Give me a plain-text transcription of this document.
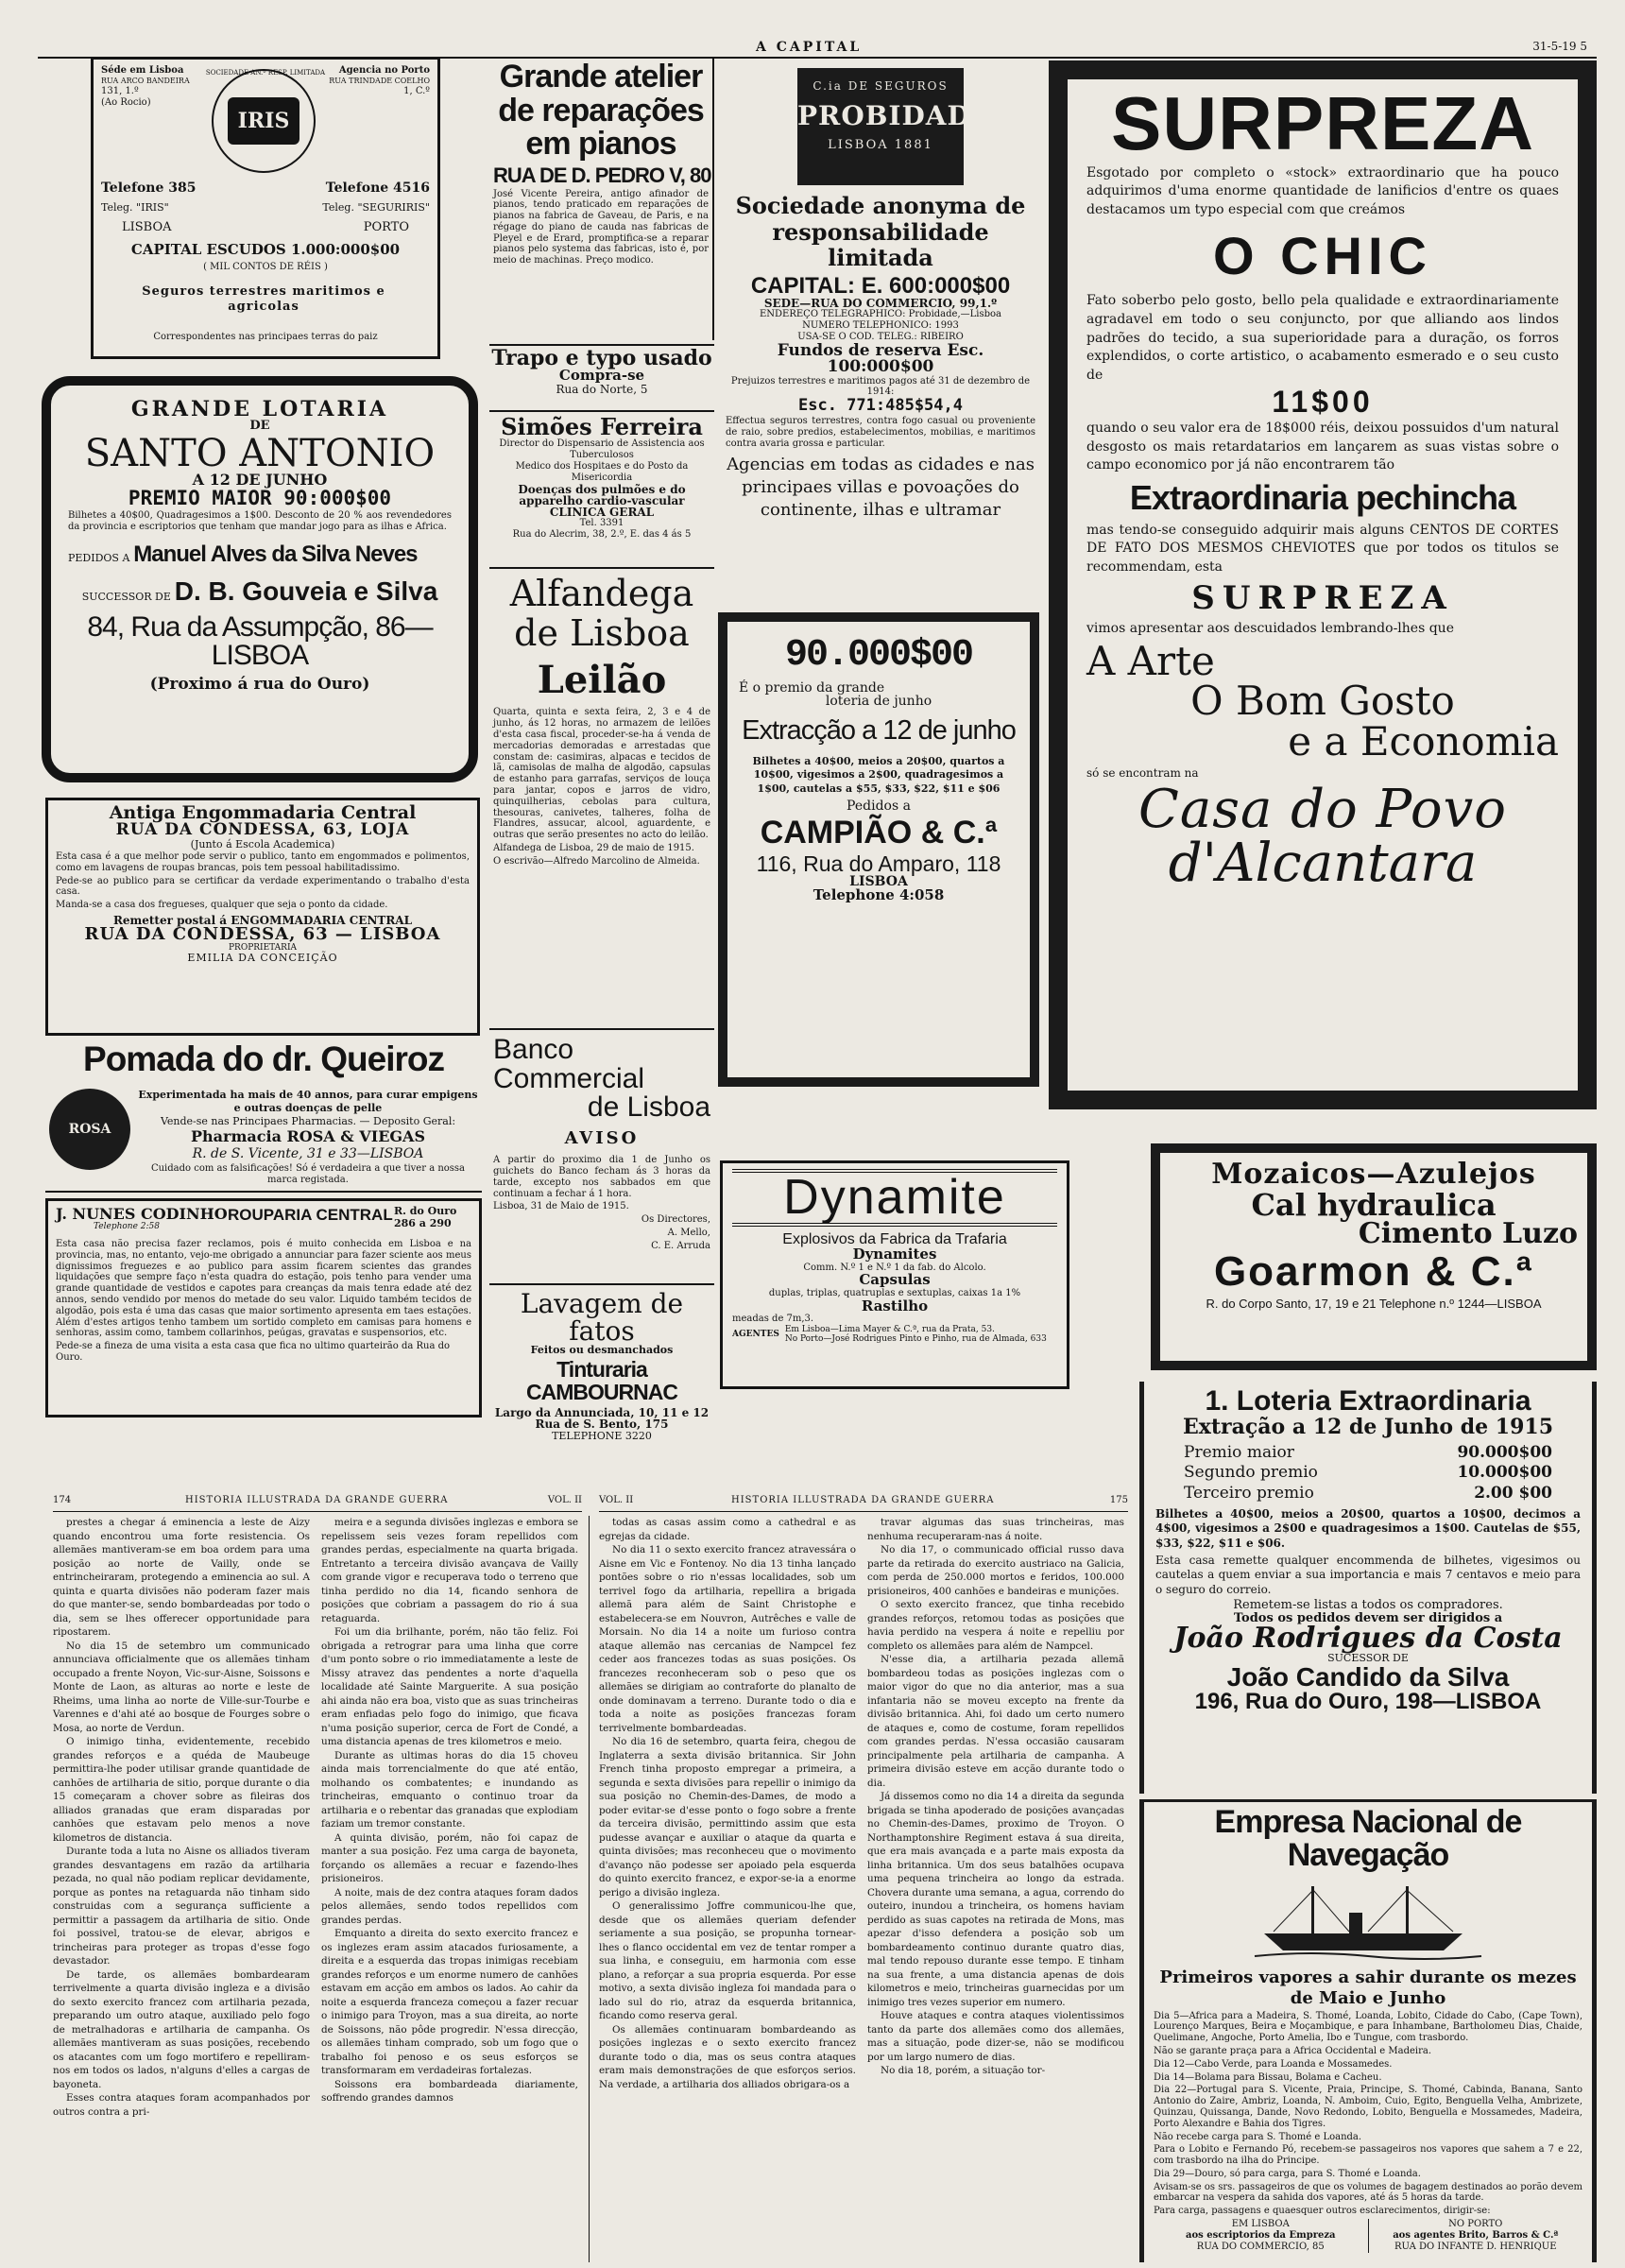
A CAPITAL	31-5-19 5
Séde em Lisboa
RUA ARCO BANDEIRA
131, 1.º
(Ao Rocio)
Agencia no Porto
RUA TRINDADE COELHO
1, C.º
IRIS
SOCIEDADE AN.ª RESP. LIMITADA
Telefone 385	Telefone 4516
Teleg. "IRIS"	Teleg. "SEGURIRIS"
LISBOA	PORTO
CAPITAL ESCUDOS 1.000:000$00
( MIL CONTOS DE RÉIS )
Seguros terrestres maritimos e agricolas
Correspondentes nas principaes terras do paiz
GRANDE LOTARIA
DE
SANTO ANTONIO
A 12 DE JUNHO
PREMIO MAIOR 90:000$00
Bilhetes a 40$00, Quadragesimos a 1$00. Desconto de 20 % aos revendedores da provincia e escriptorios que tenham que mandar jogo para as ilhas e Africa.
PEDIDOS A Manuel Alves da Silva Neves
SUCCESSOR DE D. B. Gouveia e Silva
84, Rua da Assumpção, 86—LISBOA
(Proximo á rua do Ouro)
Antiga Engommadaria Central
RUA DA CONDESSA, 63, LOJA
(Junto á Escola Academica)
Esta casa é a que melhor pode servir o publico, tanto em engommados e polimentos, como em lavagens de roupas brancas, pois tem pessoal habilitadissimo.
Pede-se ao publico para se certificar da verdade experimentando o trabalho d'esta casa.
Manda-se a casa dos fregueses, qualquer que seja o ponto da cidade.
Remetter postal á ENGOMMADARIA CENTRAL
RUA DA CONDESSA, 63 — LISBOA
PROPRIETARIA
EMILIA DA CONCEIÇÃO
Pomada do dr. Queiroz
ROSA
Experimentada ha mais de 40 annos, para curar empigens e outras doenças de pelle
Vende-se nas Principaes Pharmacias. — Deposito Geral:
Pharmacia ROSA & VIEGAS
R. de S. Vicente, 31 e 33—LISBOA
Cuidado com as falsificações! Só é verdadeira a que tiver a nossa marca registada.
J. NUNES CODINHO
Telephone 2:58
ROUPARIA CENTRAL R. do Ouro 286 a 290
Esta casa não precisa fazer reclamos, pois é muito conhecida em Lisboa e na provincia, mas, no entanto, vejo-me obrigado a annunciar para fazer sciente aos meus dignissimos freguezes e ao publico para assim ficarem scientes das grandes liquidações que sempre faço n'esta quadra do estação, pois tenho para vender uma grande quantidade de vestidos e capotes para creanças da mais tenra edade até dez annos, sendo vendido por menos do metade do seu valor. Liquido também tecidos de algodão, pois esta é uma das casas que maior sortimento apresenta em taes estações. Além d'estes artigos tenho tambem um sortido completo em camisas para homens e senhoras, assim como, tambem collarinhos, peúgas, gravatas e suspensorios, etc.
Pede-se a fineza de uma visita a esta casa que fica no ultimo quarteirão da Rua do Ouro.
Grande atelier de reparações em pianos
RUA DE D. PEDRO V, 80
José Vicente Pereira, antigo afinador de pianos, tendo praticado em reparações de pianos na fabrica de Gaveau, de Paris, e na régage do piano de cauda nas fabricas de Pleyel e de Erard, promptifica-se a reparar pianos pelo systema das fabricas, isto é, por meio de machinas. Preço modico.
Trapo e typo usado
Compra-se
Rua do Norte, 5
Simões Ferreira
Director do Dispensario de Assistencia aos Tuberculosos
Medico dos Hospitaes e do Posto da Misericordia
Doenças dos pulmões e do apparelho cardio-vascular
CLINICA GERAL
Tel. 3391
Rua do Alecrim, 38, 2.º, E. das 4 ás 5
Alfandega de Lisboa
Leilão
Quarta, quinta e sexta feira, 2, 3 e 4 de junho, ás 12 horas, no armazem de leilões d'esta casa fiscal, proceder-se-ha á venda de mercadorias demoradas e arrestadas que constam de: casimiras, alpacas e tecidos de lã, camisolas de malha de algodão, capsulas de estanho para garrafas, serviços de louça para jantar, copos e jarros de vidro, quinquilherias, cebolas para cultura, thesouras, canivetes, talheres, folha de Flandres, assucar, alcool, aguardente, e outras que serão presentes no acto do leilão.
Alfandega de Lisboa, 29 de maio de 1915.
O escrivão—Alfredo Marcolino de Almeida.
Banco Commercial
de Lisboa
AVISO
A partir do proximo dia 1 de Junho os guichets do Banco fecham ás 3 horas da tarde, excepto nos sabbados em que continuam a fechar á 1 hora.
Lisboa, 31 de Maio de 1915.
Os Directores,
A. Mello,
C. E. Arruda
Lavagem de fatos
Feitos ou desmanchados
Tinturaria CAMBOURNAC
Largo da Annunciada, 10, 11 e 12
Rua de S. Bento, 175
TELEPHONE 3220
C.ia DE SEGUROS
PROBIDADE
LISBOA 1881
Sociedade anonyma de responsabilidade limitada
CAPITAL: E. 600:000$00
SEDE—RUA DO COMMERCIO, 99,1.º
ENDEREÇO TELEGRAPHICO: Probidade,—Lisboa
NUMERO TELEPHONICO: 1993
USA-SE O COD. TELEG.: RIBEIRO
Fundos de reserva Esc. 100:000$00
Prejuizos terrestres e maritimos pagos até 31 de dezembro de 1914:
Esc. 771:485$54,4
Effectua seguros terrestres, contra fogo casual ou proveniente de raio, sobre predios, estabelecimentos, mobilias, e maritimos contra avaria grossa e particular.
Agencias em todas as cidades e nas principaes villas e povoações do continente, ilhas e ultramar
90.000$00
É o premio da grande
loteria de junho
Extracção a 12 de junho
Bilhetes a 40$00, meios a 20$00, quartos a 10$00, vigesimos a 2$00, quadragesimos a 1$00, cautelas a $55, $33, $22, $11 e $06
Pedidos a
CAMPIÃO & C.ª
116, Rua do Amparo, 118
LISBOA
Telephone 4:058
Dynamite
Explosivos da Fabrica da Trafaria
Dynamites
Comm. N.º 1 e N.º 1 da fab. do Alcolo.
Capsulas
duplas, triplas, quatruplas e sextuplas, caixas 1a 1%
Rastilho
meadas de 7m,3.
AGENTES
Em Lisboa—Lima Mayer & C.ª, rua da Prata, 53.
No Porto—José Rodrigues Pinto e Pinho, rua de Almada, 633
SURPREZA
Esgotado por completo o «stock» extraordinario que ha pouco adquirimos d'uma enorme quantidade de lanificios d'entre os quaes destacamos um typo especial com que creámos
O CHIC
Fato soberbo pelo gosto, bello pela qualidade e extraordinariamente agradavel em todo o seu conjuncto, por que alliando aos lindos padrões do tecido, a sua superioridade para a duração, os forros explendidos, o corte artistico, o acabamento esmerado e o seu custo de
11$00
quando o seu valor era de 18$000 réis, deixou possuidos d'um natural desgosto os mais retardatarios em lançarem as suas vistas sobre o campo economico por já não encontrarem tão
Extraordinaria pechincha
mas tendo-se conseguido adquirir mais alguns CENTOS DE CORTES DE FATO DOS MESMOS CHEVIOTES que por todos os titulos se recommendam, esta
SURPREZA
vimos apresentar aos descuidados lembrando-lhes que
A Arte
O Bom Gosto
e a Economia
só se encontram na
Casa do Povo
d'Alcantara
Mozaicos—Azulejos
Cal hydraulica
Cimento Luzo
Goarmon & C.ª
R. do Corpo Santo, 17, 19 e 21 Telephone n.º 1244—LISBOA
1. Loteria Extraordinaria
Extração a 12 de Junho de 1915
Premio maior	90.000$00
Segundo premio	10.000$00
Terceiro premio	2.00 $00
Bilhetes a 40$00, meios a 20$00, quartos a 10$00, decimos a 4$00, vigesimos a 2$00 e quadragesimos a 1$00. Cautelas de $55, $33, $22, $11 e $06.
Esta casa remette qualquer encommenda de bilhetes, vigesimos ou cautelas a quem enviar a sua importancia e mais 7 centavos e meio para o seguro do correio.
Remetem-se listas a todos os compradores.
Todos os pedidos devem ser dirigidos a
João Rodrigues da Costa
SUCESSOR DE
João Candido da Silva
196, Rua do Ouro, 198—LISBOA
Empresa Nacional de Navegação
Primeiros vapores a sahir durante os mezes de Maio e Junho
Dia 5—Africa para a Madeira, S. Thomé, Loanda, Lobito, Cidade do Cabo, (Cape Town), Lourenço Marques, Beira e Moçambique, e para Inhambane, Bartholomeu Dias, Chaide, Quelimane, Angoche, Porto Amelia, Ibo e Tungue, com trasbordo.
Não se garante praça para a Africa Occidental e Madeira.
Dia 12—Cabo Verde, para Loanda e Mossamedes.
Dia 14—Bolama para Bissau, Bolama e Cacheu.
Dia 22—Portugal para S. Vicente, Praia, Principe, S. Thomé, Cabinda, Banana, Santo Antonio do Zaire, Ambriz, Loanda, N. Amboim, Cuio, Egito, Benguella Velha, Ambrizete, Quinzau, Quissanga, Dande, Novo Redondo, Lobito, Benguella e Mossamedes, Madeira, Porto Alexandre e Bahia dos Tigres.
Não recebe carga para S. Thomé e Loanda.
Para o Lobito e Fernando Pó, recebem-se passageiros nos vapores que sahem a 7 e 22, com trasbordo na ilha do Principe.
Dia 29—Douro, só para carga, para S. Thomé e Loanda.
Avisam-se os srs. passageiros de que os volumes de bagagem destinados ao porão devem embarcar na vespera da sahida dos vapores, até ás 5 horas da tarde.
Para carga, passagens e quaesquer outros esclarecimentos, dirigir-se:
EM LISBOA
aos escriptorios da Empreza
RUA DO COMMERCIO, 85
NO PORTO
aos agentes Brito, Barros & C.ª
RUA DO INFANTE D. HENRIQUE
174	HISTORIA ILLUSTRADA DA GRANDE GUERRA	VOL. II VOL. II	HISTORIA ILLUSTRADA DA GRANDE GUERRA	175
prestes a chegar á eminencia a leste de Aizy quando encontrou uma forte resistencia. Os allemães mantiveram-se em boa ordem para uma posição ao norte de Vailly, onde se entrincheiraram, protegendo a eminencia ao sul. A quinta e quarta divisões não poderam fazer mais do que manter-se, sendo bombardeadas por todo o dia, sem se lhes offerecer opportunidade para ripostarem.
No dia 15 de setembro um communicado annunciava officialmente que os allemães tinham occupado a frente Noyon, Vic-sur-Aisne, Soissons e Monte de Laon, as alturas ao norte e leste de Rheims, uma linha ao norte de Ville-sur-Tourbe e Varennes e d'ahi até ao bosque de Fourges sobre o Mosa, ao norte de Verdun.
O inimigo tinha, evidentemente, recebido grandes reforços e a quéda de Maubeuge permittira-lhe poder utilisar grande quantidade de canhões de artilharia de sitio, porque durante o dia 15 começaram a chover sobre as fileiras dos alliados granadas que eram disparadas por canhões que estavam pelo menos a nove kilometros de distancia.
Durante toda a luta no Aisne os alliados tiveram grandes desvantagens em razão da artilharia pezada, no qual não podiam replicar devidamente, porque as pontes na retaguarda não tinham sido construidas com a segurança sufficiente a permittir a passagem da artilharia de sitio. Onde foi possivel, tratou-se de elevar, abrigos e trincheiras para proteger as tropas d'esse fogo devastador.
De tarde, os allemães bombardearam terrivelmente a quarta divisão ingleza e a divisão do sexto exercito francez com artilharia pezada, preparando um outro ataque, auxiliado pelo fogo de metralhadoras e artilharia de campanha. Os allemães mantiveram as suas posições, recebendo os atacantes com um fogo mortifero e repelliram-nos em todos os lados, n'alguns d'elles a cargas de bayoneta.
Esses contra ataques foram acompanhados por outros contra a pri-
meira e a segunda divisões inglezas e embora se repelissem seis vezes foram repellidos com grandes perdas, especialmente na quarta brigada. Entretanto a terceira divisão avançava de Vailly com grande vigor e recuperava todo o terreno que tinha perdido no dia 14, ficando senhora de posições que cobriam a passagem do rio á sua retaguarda.
Foi um dia brilhante, porém, não tão feliz. Foi obrigada a retrograr para uma linha que corre d'um ponto sobre o rio immediatamente a leste de Missy atravez das pendentes a norte d'aquella localidade até Sainte Marguerite. A sua posição ahi ainda não era boa, visto que as suas trincheiras eram enfiadas pelo fogo do inimigo, que ficava n'uma posição superior, cerca de Fort de Condé, a uma distancia apenas de tres kilometros e meio.
Durante as ultimas horas do dia 15 choveu ainda mais torrencialmente do que até então, molhando os combatentes; e inundando as trincheiras, emquanto o continuo troar da artilharia e o rebentar das granadas que explodiam faziam um tremor constante.
A quinta divisão, porém, não foi capaz de manter a sua posição. Fez uma carga de bayoneta, forçando os allemães a recuar e fazendo-lhes prisioneiros.
A noite, mais de dez contra ataques foram dados pelos allemães, sendo todos repellidos com grandes perdas.
Emquanto a direita do sexto exercito francez e os inglezes eram assim atacados furiosamente, a direita e a esquerda das tropas inimigas recebiam grandes reforços e um enorme numero de canhões estavam em acção em ambos os lados. Ao cahir da noite a esquerda franceza começou a fazer recuar o inimigo para Troyon, mas a sua direita, ao norte de Soissons, não pôde progredir. N'essa direcção, os allemães tinham comprado, sob um fogo que o trabalho foi penoso e os seus esforços se transformaram em verdadeiras fortalezas.
Soissons era bombardeada diariamente, soffrendo grandes damnos
todas as casas assim como a cathedral e as egrejas da cidade.
No dia 11 o sexto exercito francez atravessára o Aisne em Vic e Fontenoy. No dia 13 tinha lançado pontões sobre o rio n'essas localidades, sob um terrivel fogo da artilharia, repellira a brigada allemã para além de Saint Christophe e estabelecera-se em Nouvron, Autrêches e valle de Morsain. No dia 14 a noite um furioso contra ataque allemão nas cercanias de Nampcel fez ceder aos francezes todas as suas posições. Os francezes reconheceram sob o peso que os allemães se dirigiam ao contraforte do planalto de onde dominavam a terreno. Durante todo o dia e toda a noite as posições francezas foram terrivelmente bombardeadas.
No dia 16 de setembro, quarta feira, chegou de Inglaterra a sexta divisão britannica. Sir John French tinha proposto empregar a primeira, a segunda e sexta divisões para repellir o inimigo da sua posição no Chemin-des-Dames, de modo a poder evitar-se d'esse ponto o fogo sobre a frente da terceira divisão, permittindo assim que esta pudesse avançar e auxiliar o ataque da quarta e quinta divisões; mas reconheceu que o movimento d'avanço não podesse ser apoiado pela esquerda do quinto exercito francez, e expor-se-ia a enorme perigo a divisão ingleza.
O generalissimo Joffre communicou-lhe que, desde que os allemães queriam defender seriamente a sua posição, se propunha tornear-lhes o flanco occidental em vez de tentar romper a sua linha, e conseguiu, em harmonia com esse plano, a reforçar a sua propria esquerda. Por esse motivo, a sexta divisão ingleza foi mandada para o lado sul do rio, atraz da esquerda britannica, ficando como reserva geral.
Os allemães continuaram bombardeando as posições inglezas e o sexto exercito francez durante todo o dia, mas os seus contra ataques eram mais demonstrações de que esforços serios. Na verdade, a artilharia dos alliados obrigara-os a
travar algumas das suas trincheiras, mas nenhuma recuperaram-nas á noite.
No dia 17, o communicado official russo dava parte da retirada do exercito austriaco na Galicia, com perda de 250.000 mortos e feridos, 100.000 prisioneiros, 400 canhões e bandeiras e munições.
O sexto exercito francez, que tinha recebido grandes reforços, retomou todas as posições que havia perdido na vespera á noite e repelliu por completo os allemães para além de Nampcel.
N'esse dia, a artilharia pezada allemã bombardeou todas as posições inglezas com o maior vigor do que no dia anterior, mas a sua infantaria não se moveu excepto na frente da divisão britannica. Ahi, foi dado um certo numero de ataques e, como de costume, foram repellidos com grandes perdas. N'essa occasião causaram principalmente pela artilharia de campanha. A primeira divisão esteve em acção durante todo o dia.
Já dissemos como no dia 14 a direita da segunda brigada se tinha apoderado de posições avançadas no Chemin-des-Dames, proximo de Troyon. O Northamptonshire Regiment estava á sua direita, que era mais avançada e a parte mais exposta da linha britannica. Um dos seus batalhões ocupava uma pequena trincheira ao longo da estrada. Chovera durante uma semana, a agua, correndo do outeiro, inundou a trincheira, os homens haviam perdido as suas capotes na retirada de Mons, mas apezar d'isso defendera a posição sob um bombardeamento continuo durante quatro dias, mal tendo repouso durante esse tempo. E tinham na sua frente, a uma distancia apenas de dois kilometros e meio, trincheiras guarnecidas por um inimigo tres vezes superior em numero.
Houve ataques e contra ataques violentissimos tanto da parte dos allemães como dos allemães, mas a situação, pode dizer-se, não se modificou por um largo numero de dias.
No dia 18, porém, a situação tor-
